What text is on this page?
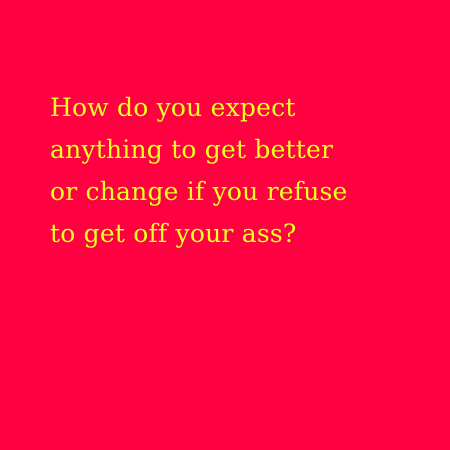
How do you expect
anything to get better
or change if you refuse
to get off your ass?
